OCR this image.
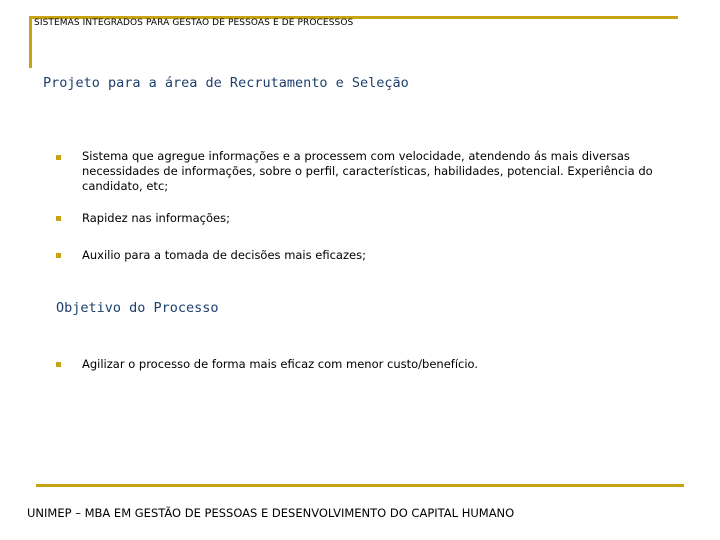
SISTEMAS INTEGRADOS PARA GESTAO DE PESSOAS E DE PROCESSOS
Projeto para a área de Recrutamento e Seleção
Sistema que agregue informações e a processem com velocidade, atendendo ás mais diversas necessidades de informações, sobre o perfil, características, habilidades, potencial. Experiência do candidato, etc;
Rapidez nas informações;
Auxilio para a tomada de decisões mais eficazes;
Objetivo do Processo
Agilizar o processo de forma mais eficaz com menor custo/benefício.
UNIMEP – MBA EM GESTÃO DE PESSOAS E DESENVOLVIMENTO DO CAPITAL HUMANO
